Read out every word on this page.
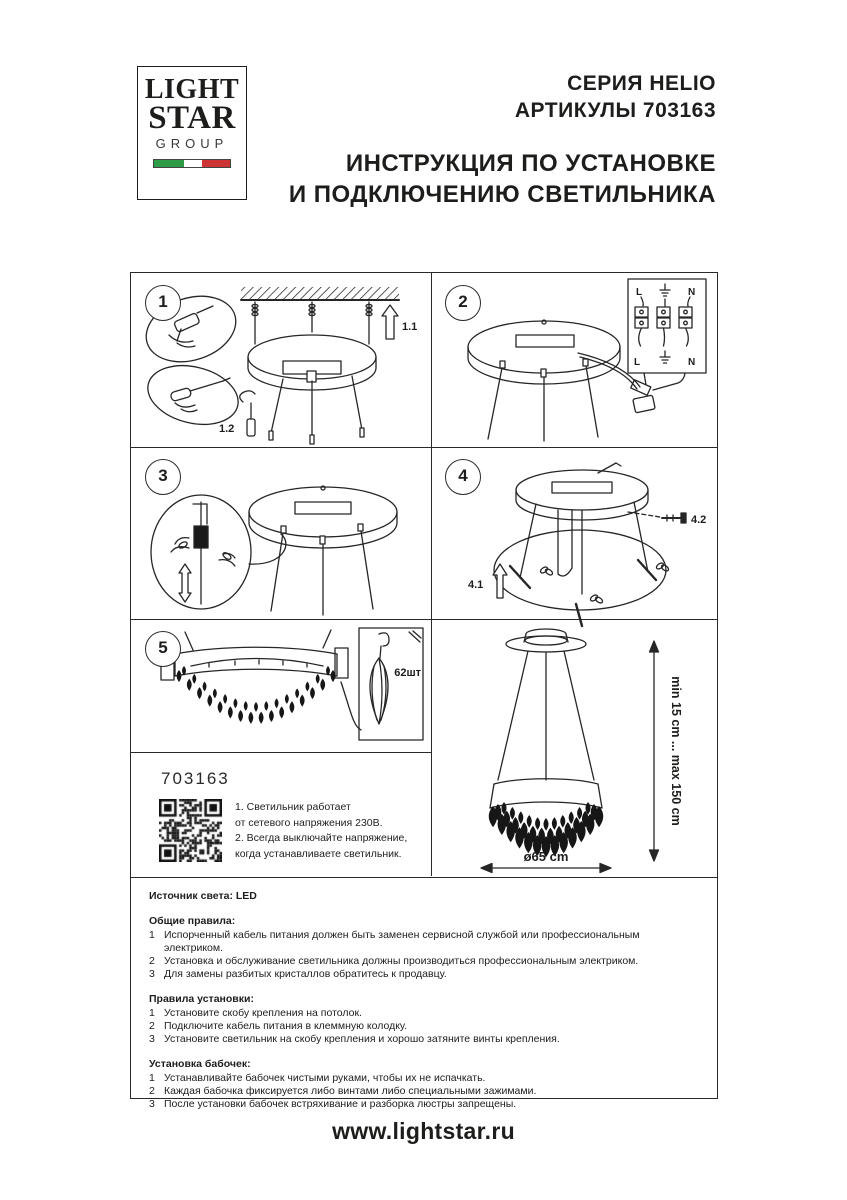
LIGHT
STAR
GROUP
СЕРИЯ HELIO
АРТИКУЛЫ 703163
ИНСТРУКЦИЯ ПО УСТАНОВКЕ
И ПОДКЛЮЧЕНИЮ СВЕТИЛЬНИКА
1	2
3	4
5
1.1
1.2
L	N
L	N
4.1
4.2
62шт
703163
1. Светильник работает
от сетевого напряжения 230В.
2. Всегда выключайте напряжение,
когда устанавливаете светильник.
min 15 cm ... max 150 cm
ø65 cm
Источник света: LED
Общие правила:
1 Испорченный кабель питания должен быть заменен сервисной службой или профессиональным электриком.
2 Установка и обслуживание светильника должны производиться профессиональным электриком.
3 Для замены разбитых кристаллов обратитесь к продавцу.
Правила установки:
1 Установите скобу крепления на потолок.
2 Подключите кабель питания в клеммную колодку.
3 Установите светильник на скобу крепления и хорошо затяните винты крепления.
Установка бабочек:
1 Устанавливайте бабочек чистыми руками, чтобы их не испачкать.
2 Каждая бабочка фиксируется либо винтами либо специальными зажимами.
3 После установки бабочек встряхивание и разборка люстры запрещены.
www.lightstar.ru
